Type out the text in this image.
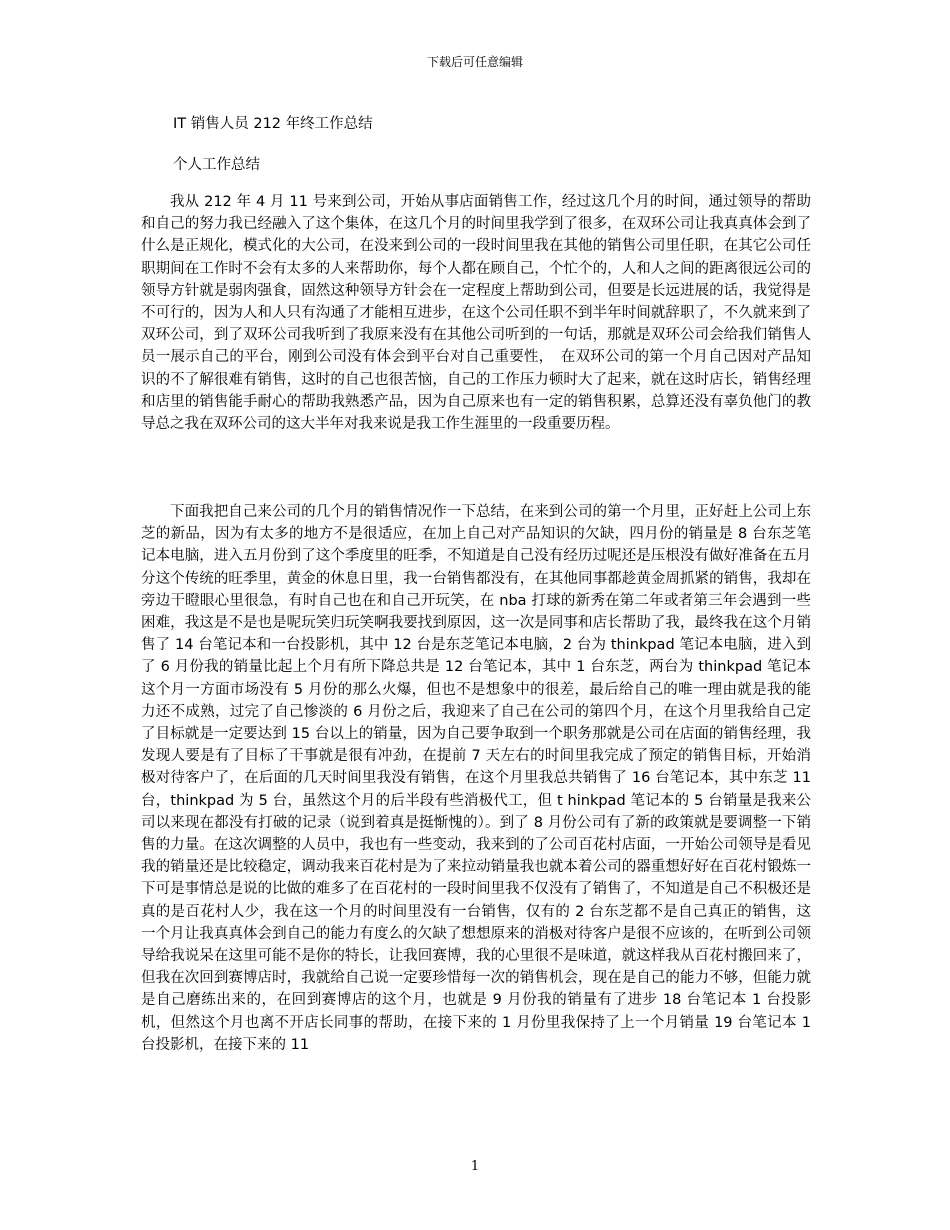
下载后可任意编辑
IT 销售人员 212 年终工作总结
个人工作总结

我从 212 年 4 月 11 号来到公司，开始从事店面销售工作，经过这几个月的时间，通过领导的帮助和自己的努力我已经融入了这个集体，在这几个月的时间里我学到了很多，在双环公司让我真真体会到了什么是正规化，模式化的大公司，在没来到公司的一段时间里我在其他的销售公司里任职，在其它公司任职期间在工作时不会有太多的人来帮助你，每个人都在顾自己，个忙个的，人和人之间的距离很远公司的领导方针就是弱肉强食，固然这种领导方针会在一定程度上帮助到公司，但要是长远进展的话，我觉得是不可行的，因为人和人只有沟通了才能相互进步，在这个公司任职不到半年时间就辞职了，不久就来到了双环公司，到了双环公司我听到了我原来没有在其他公司听到的一句话，那就是双环公司会给我们销售人员一展示自己的平台，刚到公司没有体会到平台对自己重要性，　在双环公司的第一个月自己因对产品知识的不了解很难有销售，这时的自己也很苦恼，自己的工作压力顿时大了起来，就在这时店长，销售经理和店里的销售能手耐心的帮助我熟悉产品，因为自己原来也有一定的销售积累，总算还没有辜负他门的教导总之我在双环公司的这大半年对我来说是我工作生涯里的一段重要历程。

下面我把自己来公司的几个月的销售情况作一下总结，在来到公司的第一个月里，正好赶上公司上东芝的新品，因为有太多的地方不是很适应，在加上自己对产品知识的欠缺，四月份的销量是 8 台东芝笔记本电脑，进入五月份到了这个季度里的旺季，不知道是自己没有经历过呢还是压根没有做好准备在五月分这个传统的旺季里，黄金的休息日里，我一台销售都没有，在其他同事都趁黄金周抓紧的销售，我却在旁边干瞪眼心里很急，有时自己也在和自己开玩笑，在 nba 打球的新秀在第二年或者第三年会遇到一些困难，我这是不是也是呢玩笑归玩笑啊我要找到原因，这一次是同事和店长帮助了我，最终我在这个月销售了 14 台笔记本和一台投影机，其中 12 台是东芝笔记本电脑，2 台为 thinkpad 笔记本电脑，进入到了 6 月份我的销量比起上个月有所下降总共是 12 台笔记本，其中 1 台东芝，两台为 thinkpad 笔记本这个月一方面市场没有 5 月份的那么火爆，但也不是想象中的很差，最后给自己的唯一理由就是我的能力还不成熟，过完了自己惨淡的 6 月份之后，我迎来了自己在公司的第四个月，在这个月里我给自己定了目标就是一定要达到 15 台以上的销量，因为自己要争取到一个职务那就是公司在店面的销售经理，我发现人要是有了目标了干事就是很有冲劲，在提前 7 天左右的时间里我完成了预定的销售目标，开始消极对待客户了，在后面的几天时间里我没有销售，在这个月里我总共销售了 16 台笔记本，其中东芝 11 台，thinkpad 为 5 台，虽然这个月的后半段有些消极代工，但 t hinkpad 笔记本的 5 台销量是我来公司以来现在都没有打破的记录（说到着真是挺惭愧的）。到了 8 月份公司有了新的政策就是要调整一下销售的力量。在这次调整的人员中，我也有一些变动，我来到的了公司百花村店面，一开始公司领导是看见我的销量还是比较稳定，调动我来百花村是为了来拉动销量我也就本着公司的器重想好好在百花村锻炼一下可是事情总是说的比做的难多了在百花村的一段时间里我不仅没有了销售了，不知道是自己不积极还是真的是百花村人少，我在这一个月的时间里没有一台销售，仅有的 2 台东芝都不是自己真正的销售，这一个月让我真真体会到自己的能力有度么的欠缺了想想原来的消极对待客户是很不应该的，在听到公司领导给我说呆在这里可能不是你的特长，让我回赛博，我的心里很不是味道，就这样我从百花村搬回来了，但我在次回到赛博店时，我就给自己说一定要珍惜每一次的销售机会，现在是自己的能力不够，但能力就是自己磨练出来的，在回到赛博店的这个月，也就是 9 月份我的销量有了进步 18 台笔记本 1 台投影机，但然这个月也离不开店长同事的帮助，在接下来的 1 月份里我保持了上一个月销量 19 台笔记本 1 台投影机，在接下来的 11

1
